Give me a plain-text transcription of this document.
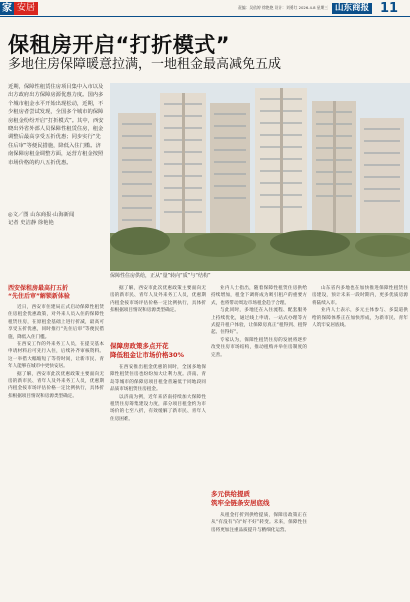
家 安居	责编：吴依婷 徐艳艳 设计：刘勇红 2026.4.8 星期三 山东商报 11
保租房开启“打折模式”
多地住房保障暖意拉满，一地租金最高减免五成
近期，保障性租赁住房项目集中入市以及出方政府出方保障房源优惠力度。国内多个城市租金水平开始出现松动，近期，不少租房者尝试发现，全国多个城市的保障房租金纷纷开启“打折模式”。其中，西安晓出外省外部人员保障性租赁住房，租金调整后最高享受五折优惠；同步实行“先住后审”等便民措施，降低入住门槛。济南保障房租金调整方面，运营方租金按照市场价格的约八五折优惠。
◎文／图 山东商报·山海新闻
记者 史洁静 徐艳艳
保障性住房供给，正从“量”转向“质”与“结构”
西安保租房最高打五折
“先住后审”解锁新体验

近日，西安市住建局正式启动保障性租赁住房租金优惠政策，对外来人员入住的保障性租赁住房，在原租金基础上进行折减，最高可享受五折优惠，同时推行“先住后审”等便民措施，降低入住门槛。

在西安工作的外来务工人员，在提交基本申请材料后可先行入住，后续补齐审核资料。这一举措大幅缩短了等待时间，让新市民、青年人能够在城市中更快安居。

据了解，西安市此次优惠政策主要面向无房的新市民、青年人及外来务工人员，优惠期内租金按市场评估价格一定比例执行，具体折扣根据项目情况和房源类型确定。

据了解，西安市此次优惠政策主要面向无房的新市民、青年人及外来务工人员，优惠期内租金按市场评估价格一定比例执行，具体折扣根据项目情况和房源类型确定。

保障房政策多点开花
降低租金让市场价格30%

在西安推出租金优惠的同时，全国多地保障性租赁住房也纷纷加大让利力度。济南、青岛等城市的保障房项目租金普遍低于同地段同品质市场租赁住房租金。

以济南为例，近年来济南持续加大保障性租赁住房筹集建设力度，部分项目租金约为市场价的七至八折，有效缓解了新市民、青年人住房困难。

业内人士指出，随着保障性租赁住房供给持续增加，租金下调将成为吸引租户的重要方式，也将带动周边市场租金趋于合理。

与此同时，多地还在入住流程、配套服务上持续优化，通过线上申请、一站式办理等方式提升租户体验，让保障房真正“租得到、租得起、住得好”。

专家认为，保障性租赁住房的发展将逐步改变住房市场结构，推动租购并举住房制度的完善。

多元供给提质
筑牢全链条安居底线

从租金打折到供给提质，保障房政策正在从“有没有”向“好不好”转变。未来，保障性住房将更加注重品质提升与精细化运营。

山东省内多地也在加快推进保障性租赁住房建设，预计未来一段时期内，更多优质房源将陆续入市。

业内人士表示，多元主体参与、多渠道供给的保障体系正在加快形成，为新市民、青年人筑牢安居底线。
